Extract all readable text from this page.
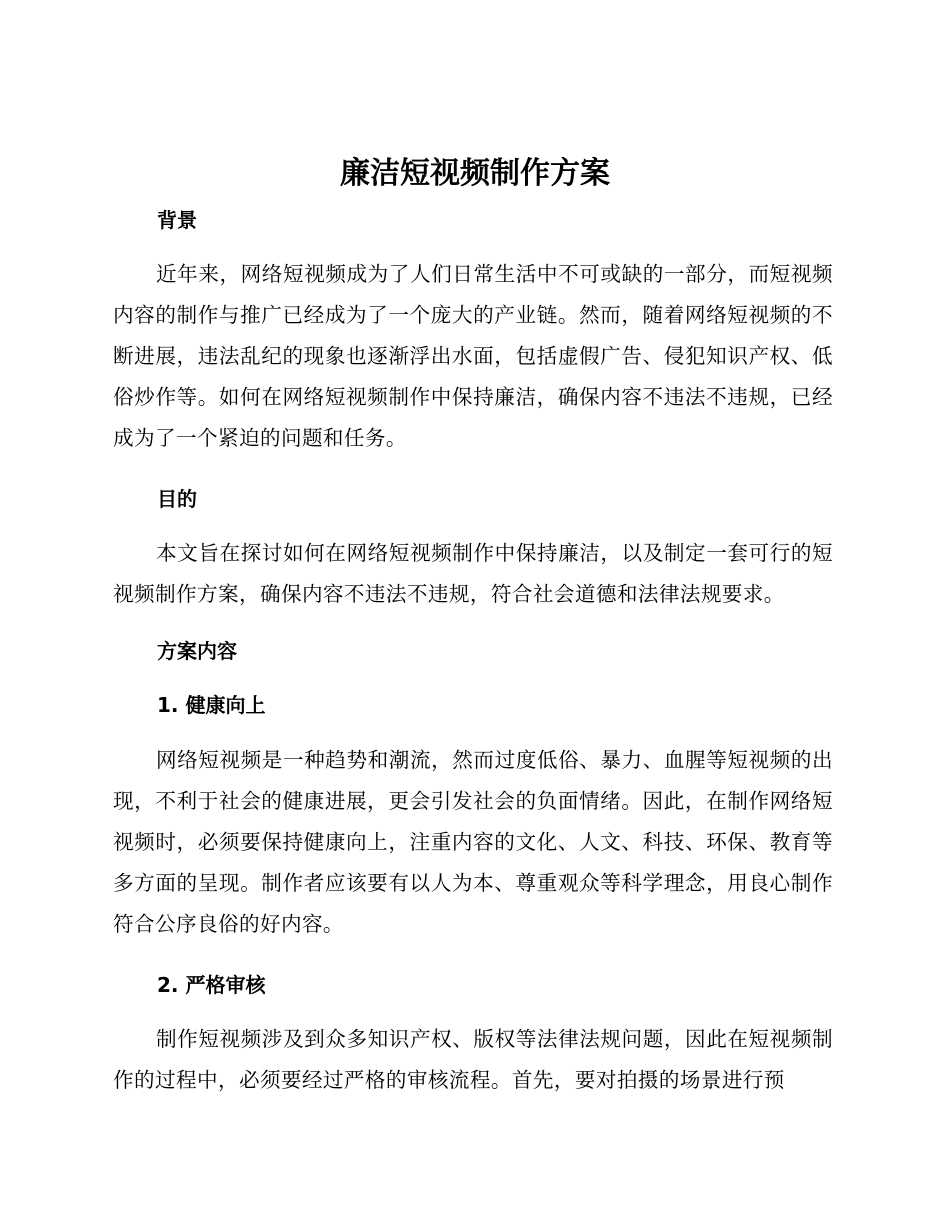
廉洁短视频制作方案
背景
近年来，网络短视频成为了人们日常生活中不可或缺的一部分，而短视频内容的制作与推广已经成为了一个庞大的产业链。然而，随着网络短视频的不断进展，违法乱纪的现象也逐渐浮出水面，包括虚假广告、侵犯知识产权、低俗炒作等。如何在网络短视频制作中保持廉洁，确保内容不违法不违规，已经成为了一个紧迫的问题和任务。
目的
本文旨在探讨如何在网络短视频制作中保持廉洁，以及制定一套可行的短视频制作方案，确保内容不违法不违规，符合社会道德和法律法规要求。
方案内容
1. 健康向上
网络短视频是一种趋势和潮流，然而过度低俗、暴力、血腥等短视频的出现，不利于社会的健康进展，更会引发社会的负面情绪。因此，在制作网络短视频时，必须要保持健康向上，注重内容的文化、人文、科技、环保、教育等多方面的呈现。制作者应该要有以人为本、尊重观众等科学理念，用良心制作符合公序良俗的好内容。
2. 严格审核
制作短视频涉及到众多知识产权、版权等法律法规问题，因此在短视频制作的过程中，必须要经过严格的审核流程。首先，要对拍摄的场景进行预
